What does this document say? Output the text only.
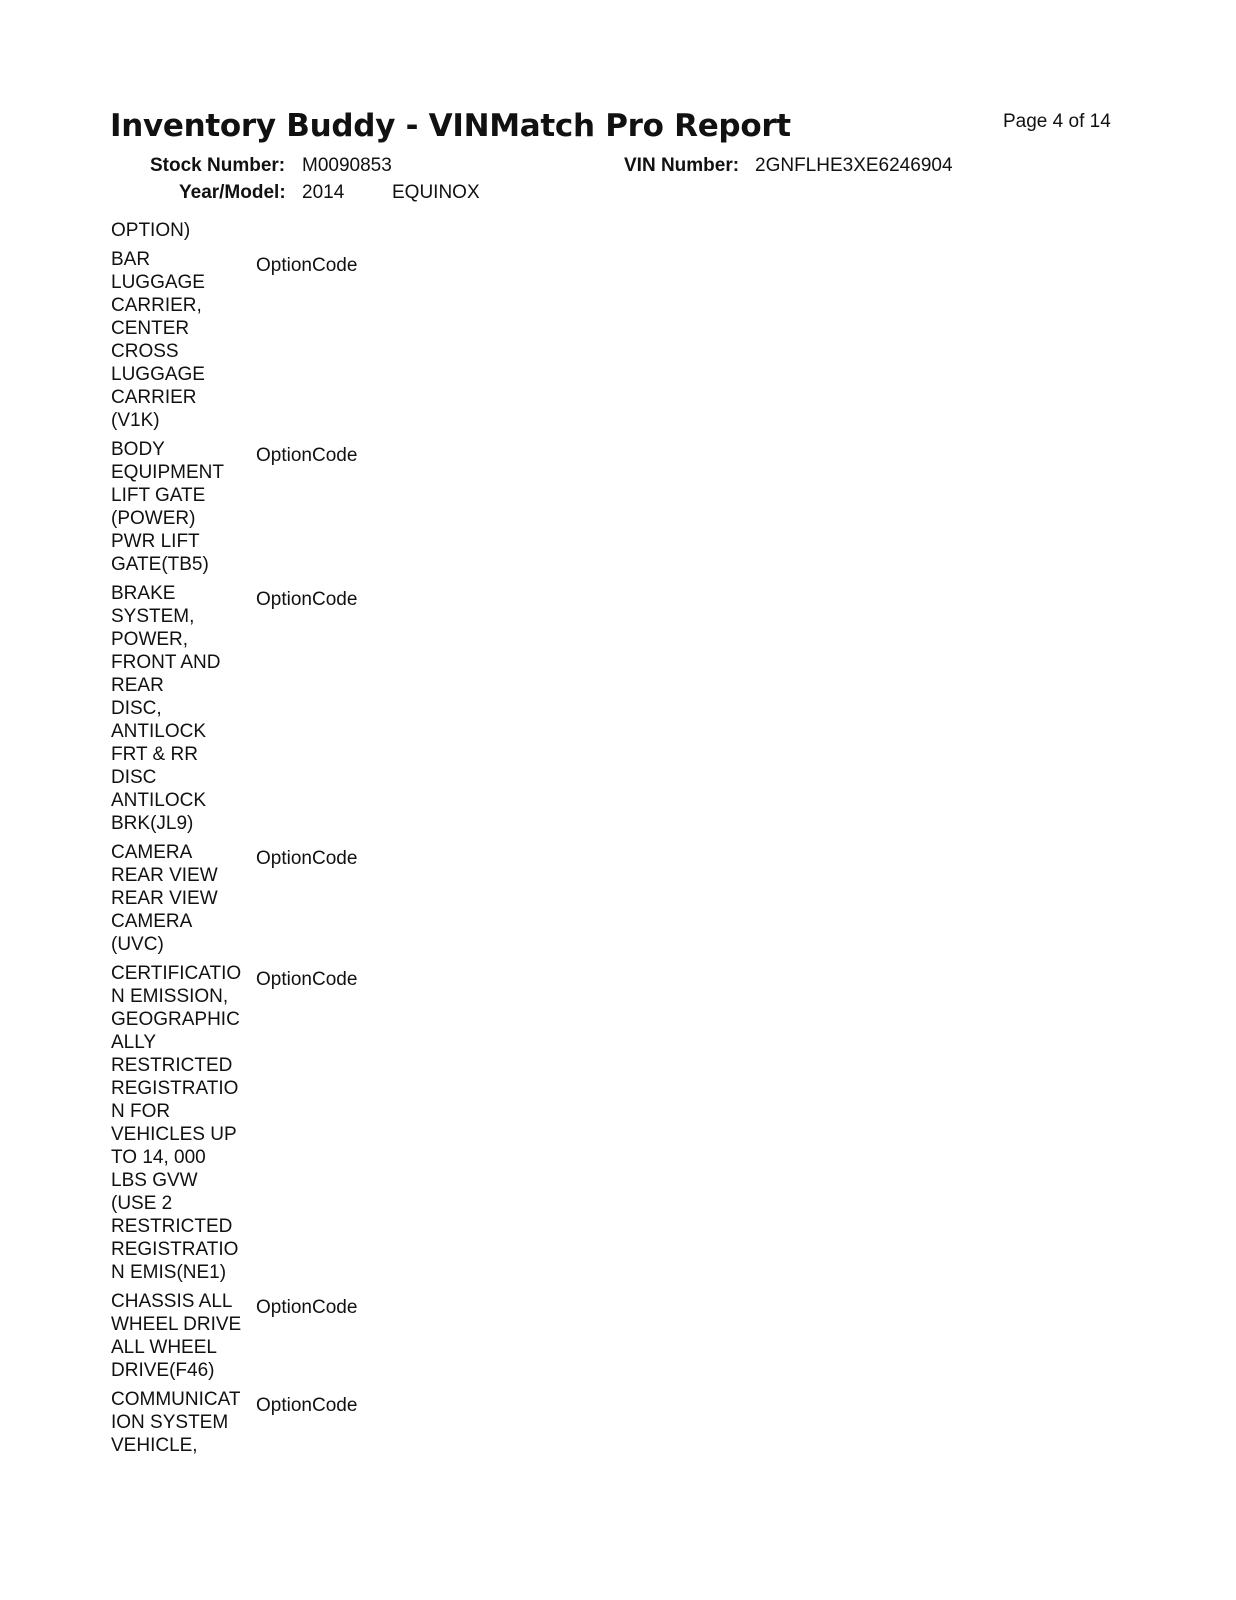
Inventory Buddy - VINMatch Pro Report	Page 4 of 14
Stock Number: M0090853
Year/Model: 2014	EQUINOX
VIN Number: 2GNFLHE3XE6246904
OPTION)
BAR
LUGGAGE
CARRIER,
CENTER
CROSS
LUGGAGE
CARRIER
(V1K)
OptionCode
BODY
EQUIPMENT
LIFT GATE
(POWER)
PWR LIFT
GATE(TB5)
OptionCode
BRAKE
SYSTEM,
POWER,
FRONT AND
REAR
DISC,
ANTILOCK
FRT & RR
DISC
ANTILOCK
BRK(JL9)
OptionCode
CAMERA
REAR VIEW
REAR VIEW
CAMERA
(UVC)
OptionCode
CERTIFICATIO
N EMISSION,
GEOGRAPHIC
ALLY
RESTRICTED
REGISTRATIO
N FOR
VEHICLES UP
TO 14, 000
LBS GVW
(USE 2
RESTRICTED
REGISTRATIO
N EMIS(NE1)
OptionCode
CHASSIS ALL
WHEEL DRIVE
ALL WHEEL
DRIVE(F46)
OptionCode
COMMUNICAT
ION SYSTEM
VEHICLE,
OptionCode
